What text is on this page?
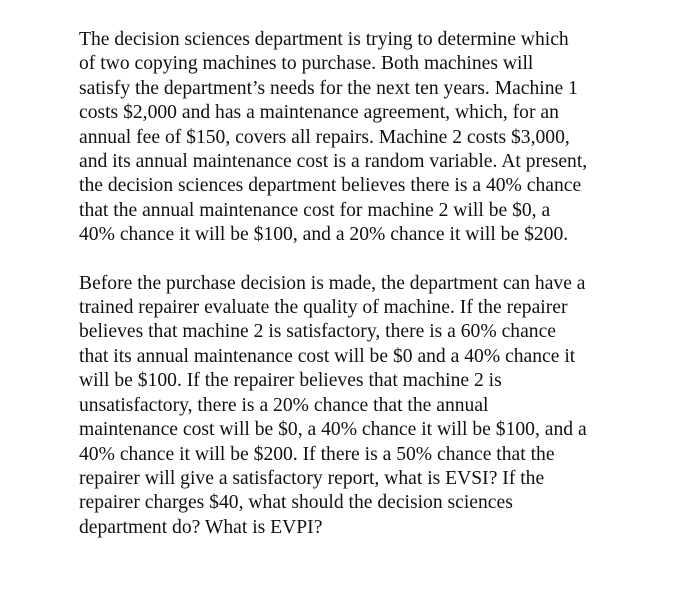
The decision sciences department is trying to determine which
of two copying machines to purchase. Both machines will
satisfy the department’s needs for the next ten years. Machine 1
costs $2,000 and has a maintenance agreement, which, for an
annual fee of $150, covers all repairs. Machine 2 costs $3,000,
and its annual maintenance cost is a random variable. At present,
the decision sciences department believes there is a 40% chance
that the annual maintenance cost for machine 2 will be $0, a
40% chance it will be $100, and a 20% chance it will be $200.

Before the purchase decision is made, the department can have a
trained repairer evaluate the quality of machine. If the repairer
believes that machine 2 is satisfactory, there is a 60% chance
that its annual maintenance cost will be $0 and a 40% chance it
will be $100. If the repairer believes that machine 2 is
unsatisfactory, there is a 20% chance that the annual
maintenance cost will be $0, a 40% chance it will be $100, and a
40% chance it will be $200. If there is a 50% chance that the
repairer will give a satisfactory report, what is EVSI? If the
repairer charges $40, what should the decision sciences
department do? What is EVPI?
